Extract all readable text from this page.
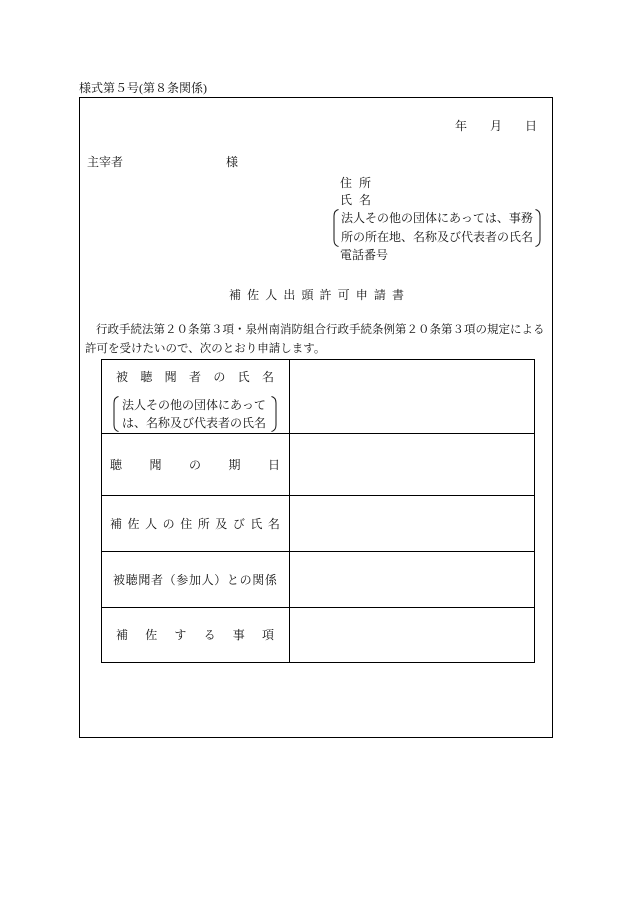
様式第５号(第８条関係)
年 月 日
主宰者	様
住 所
氏 名
法人その他の団体にあっては、事務
所の所在地、名称及び代表者の氏名
電話番号
補 佐 人 出 頭 許 可 申 請 書
行政手続法第２０条第３項・泉州南消防組合行政手続条例第２０条第３項の規定による
許可を受けたいので、次のとおり申請します。
被 聴 聞 者 の 氏 名
法人その他の団体にあって
は、名称及び代表者の氏名
聴 聞 の 期 日
補 佐 人 の 住 所 及 び 氏 名
被 聴 聞 者 （ 参 加 人 ） と の 関 係
補 佐 す る 事 項
